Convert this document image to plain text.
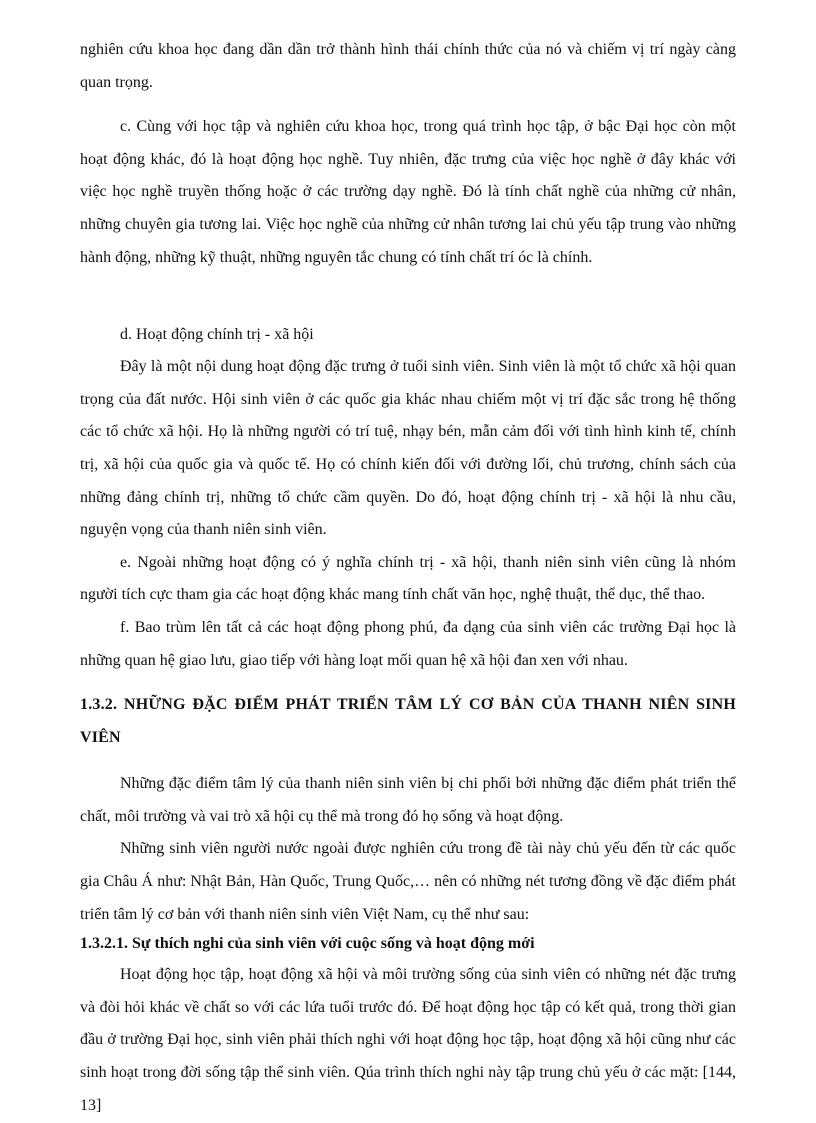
nghiên cứu khoa học đang dần dần trở thành hình thái chính thức của nó và chiếm vị trí ngày càng quan trọng.

c. Cùng với học tập và nghiên cứu khoa học, trong quá trình học tập, ở bậc Đại học còn một hoạt động khác, đó là hoạt động học nghề. Tuy nhiên, đặc trưng của việc học nghề ở đây khác với việc học nghề truyền thống hoặc ở các trường dạy nghề. Đó là tính chất nghề của những cử nhân, những chuyên gia tương lai. Việc học nghề của những cử nhân tương lai chủ yếu tập trung vào những hành động, những kỹ thuật, những nguyên tắc chung có tính chất trí óc là chính.

d. Hoạt động chính trị - xã hội

Đây là một nội dung hoạt động đặc trưng ở tuổi sinh viên. Sinh viên là một tổ chức xã hội quan trọng của đất nước. Hội sinh viên ở các quốc gia khác nhau chiếm một vị trí đặc sắc trong hệ thống các tổ chức xã hội. Họ là những người có trí tuệ, nhạy bén, mẫn cảm đối với tình hình kinh tế, chính trị, xã hội của quốc gia và quốc tế. Họ có chính kiến đối với đường lối, chủ trương, chính sách của những đảng chính trị, những tổ chức cầm quyền. Do đó, hoạt động chính trị - xã hội là nhu cầu, nguyện vọng của thanh niên sinh viên.

e. Ngoài những hoạt động có ý nghĩa chính trị - xã hội, thanh niên sinh viên cũng là nhóm người tích cực tham gia các hoạt động khác mang tính chất văn học, nghệ thuật, thể dục, thể thao.

f. Bao trùm lên tất cả các hoạt động phong phú, đa dạng của sinh viên các trường Đại học là những quan hệ giao lưu, giao tiếp với hàng loạt mối quan hệ xã hội đan xen với nhau.

1.3.2. NHỮNG ĐẶC ĐIỂM PHÁT TRIỂN TÂM LÝ CƠ BẢN CỦA THANH NIÊN SINH VIÊN

Những đặc điểm tâm lý của thanh niên sinh viên bị chi phối bởi những đặc điểm phát triển thể chất, môi trường và vai trò xã hội cụ thể mà trong đó họ sống và hoạt động.

Những sinh viên người nước ngoài được nghiên cứu trong đề tài này chủ yếu đến từ các quốc gia Châu Á như: Nhật Bản, Hàn Quốc, Trung Quốc,… nên có những nét tương đồng về đặc điểm phát triển tâm lý cơ bản với thanh niên sinh viên Việt Nam, cụ thể như sau:

1.3.2.1. Sự thích nghi của sinh viên với cuộc sống và hoạt động mới

Hoạt động học tập, hoạt động xã hội và môi trường sống của sinh viên có những nét đặc trưng và đòi hỏi khác về chất so với các lứa tuổi trước đó. Để hoạt động học tập có kết quả, trong thời gian đầu ở trường Đại học, sinh viên phải thích nghi với hoạt động học tập, hoạt động xã hội cũng như các sinh hoạt trong đời sống tập thể sinh viên. Qúa trình thích nghi này tập trung chủ yếu ở các mặt: [144, 13]
